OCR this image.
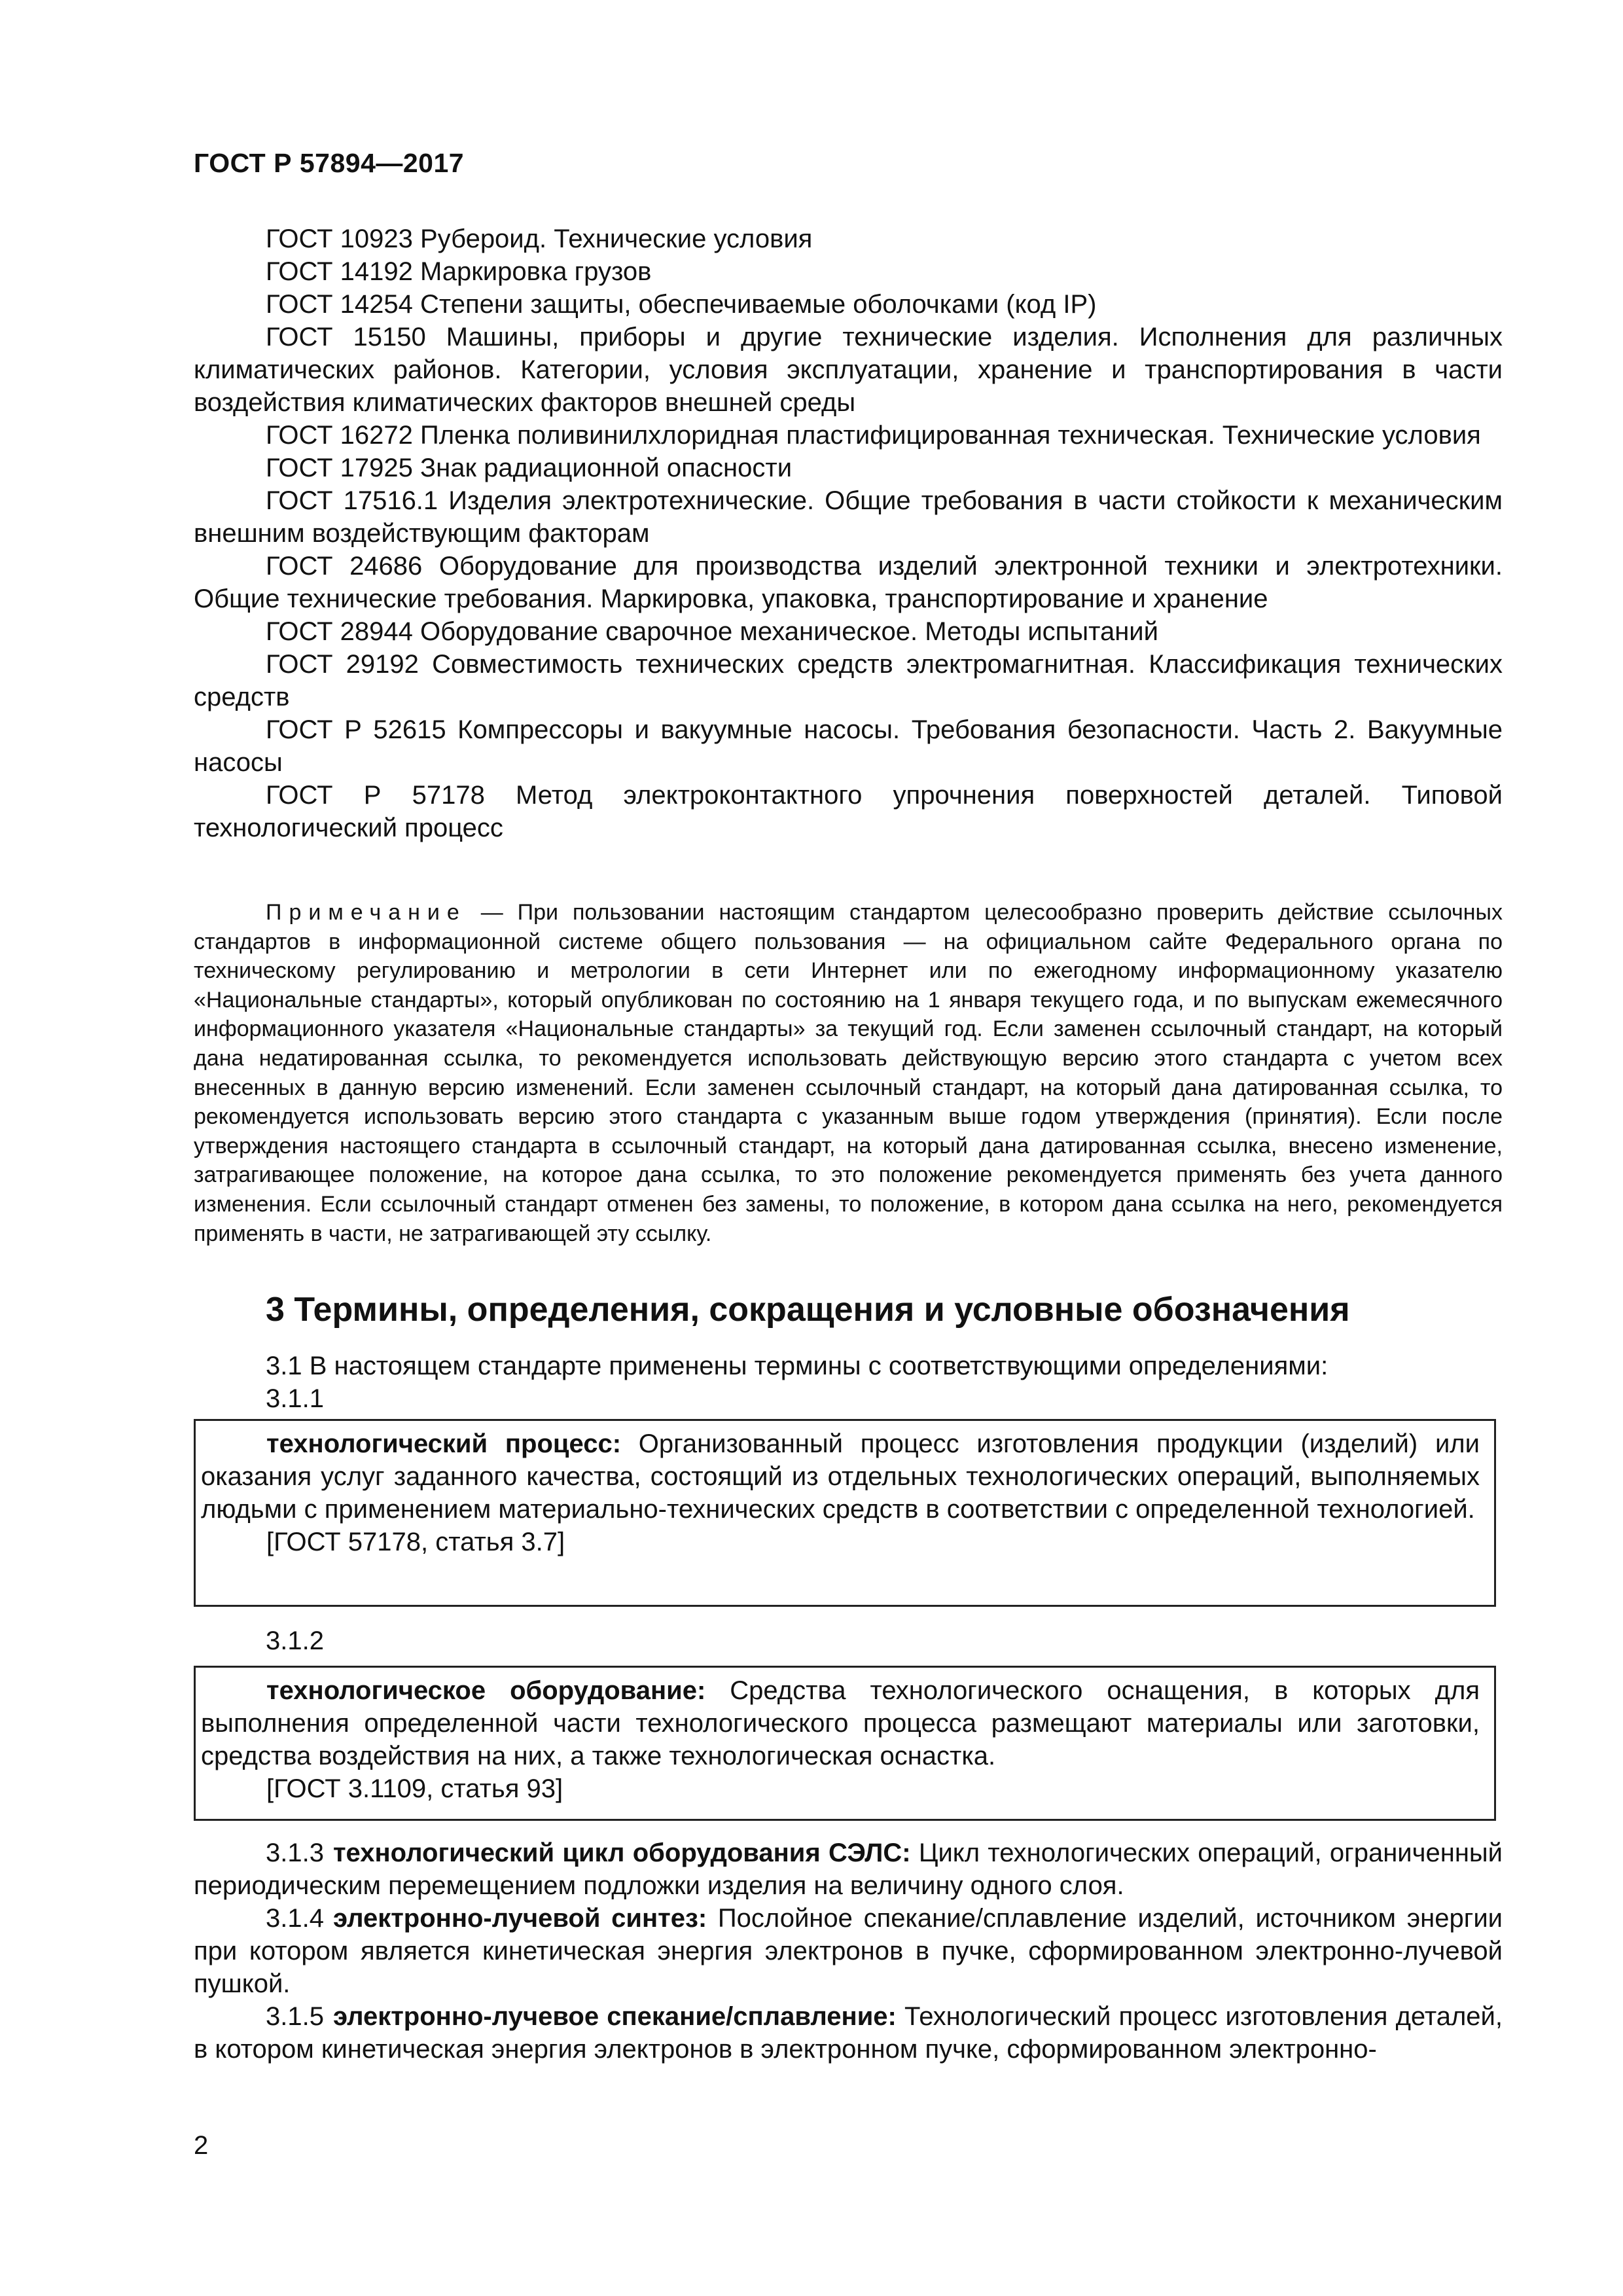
ГОСТ Р 57894—2017

ГОСТ 10923 Рубероид. Технические условия

ГОСТ 14192 Маркировка грузов

ГОСТ 14254 Степени защиты, обеспечиваемые оболочками (код IP)

ГОСТ 15150 Машины, приборы и другие технические изделия. Исполнения для различных климатических районов. Категории, условия эксплуатации, хранение и транспортирования в части воздействия климатических факторов внешней среды

ГОСТ 16272 Пленка поливинилхлоридная пластифицированная техническая. Технические условия

ГОСТ 17925 Знак радиационной опасности

ГОСТ 17516.1 Изделия электротехнические. Общие требования в части стойкости к механическим внешним воздействующим факторам

ГОСТ 24686 Оборудование для производства изделий электронной техники и электротехники. Общие технические требования. Маркировка, упаковка, транспортирование и хранение

ГОСТ 28944 Оборудование сварочное механическое. Методы испытаний

ГОСТ 29192 Совместимость технических средств электромагнитная. Классификация технических средств

ГОСТ Р 52615 Компрессоры и вакуумные насосы. Требования безопасности. Часть 2. Вакуумные насосы

ГОСТ Р 57178 Метод электроконтактного упрочнения поверхностей деталей. Типовой технологический процесс

Примечание — При пользовании настоящим стандартом целесообразно проверить действие ссылочных стандартов в информационной системе общего пользования — на официальном сайте Федерального органа по техническому регулированию и метрологии в сети Интернет или по ежегодному информационному указателю «Национальные стандарты», который опубликован по состоянию на 1 января текущего года, и по выпускам ежемесячного информационного указателя «Национальные стандарты» за текущий год. Если заменен ссылочный стандарт, на который дана недатированная ссылка, то рекомендуется использовать действующую версию этого стандарта с учетом всех внесенных в данную версию изменений. Если заменен ссылочный стандарт, на который дана датированная ссылка, то рекомендуется использовать версию этого стандарта с указанным выше годом утверждения (принятия). Если после утверждения настоящего стандарта в ссылочный стандарт, на который дана датированная ссылка, внесено изменение, затрагивающее положение, на которое дана ссылка, то это положение рекомендуется применять без учета данного изменения. Если ссылочный стандарт отменен без замены, то положение, в котором дана ссылка на него, рекомендуется применять в части, не затрагивающей эту ссылку.

3 Термины, определения, сокращения и условные обозначения

3.1 В настоящем стандарте применены термины с соответствующими определениями:

3.1.1

технологический процесс: Организованный процесс изготовления продукции (изделий) или оказания услуг заданного качества, состоящий из отдельных технологических операций, выполняемых людьми с применением материально-технических средств в соответствии с определенной технологией.

[ГОСТ 57178, статья 3.7]

3.1.2

технологическое оборудование: Средства технологического оснащения, в которых для выполнения определенной части технологического процесса размещают материалы или заготовки, средства воздействия на них, а также технологическая оснастка.

[ГОСТ 3.1109, статья 93]

3.1.3 технологический цикл оборудования СЭЛС: Цикл технологических операций, ограниченный периодическим перемещением подложки изделия на величину одного слоя.

3.1.4 электронно-лучевой синтез: Послойное спекание/сплавление изделий, источником энергии при котором является кинетическая энергия электронов в пучке, сформированном электронно-лучевой пушкой.

3.1.5 электронно-лучевое спекание/сплавление: Технологический процесс изготовления деталей, в котором кинетическая энергия электронов в электронном пучке, сформированном электронно-

2
